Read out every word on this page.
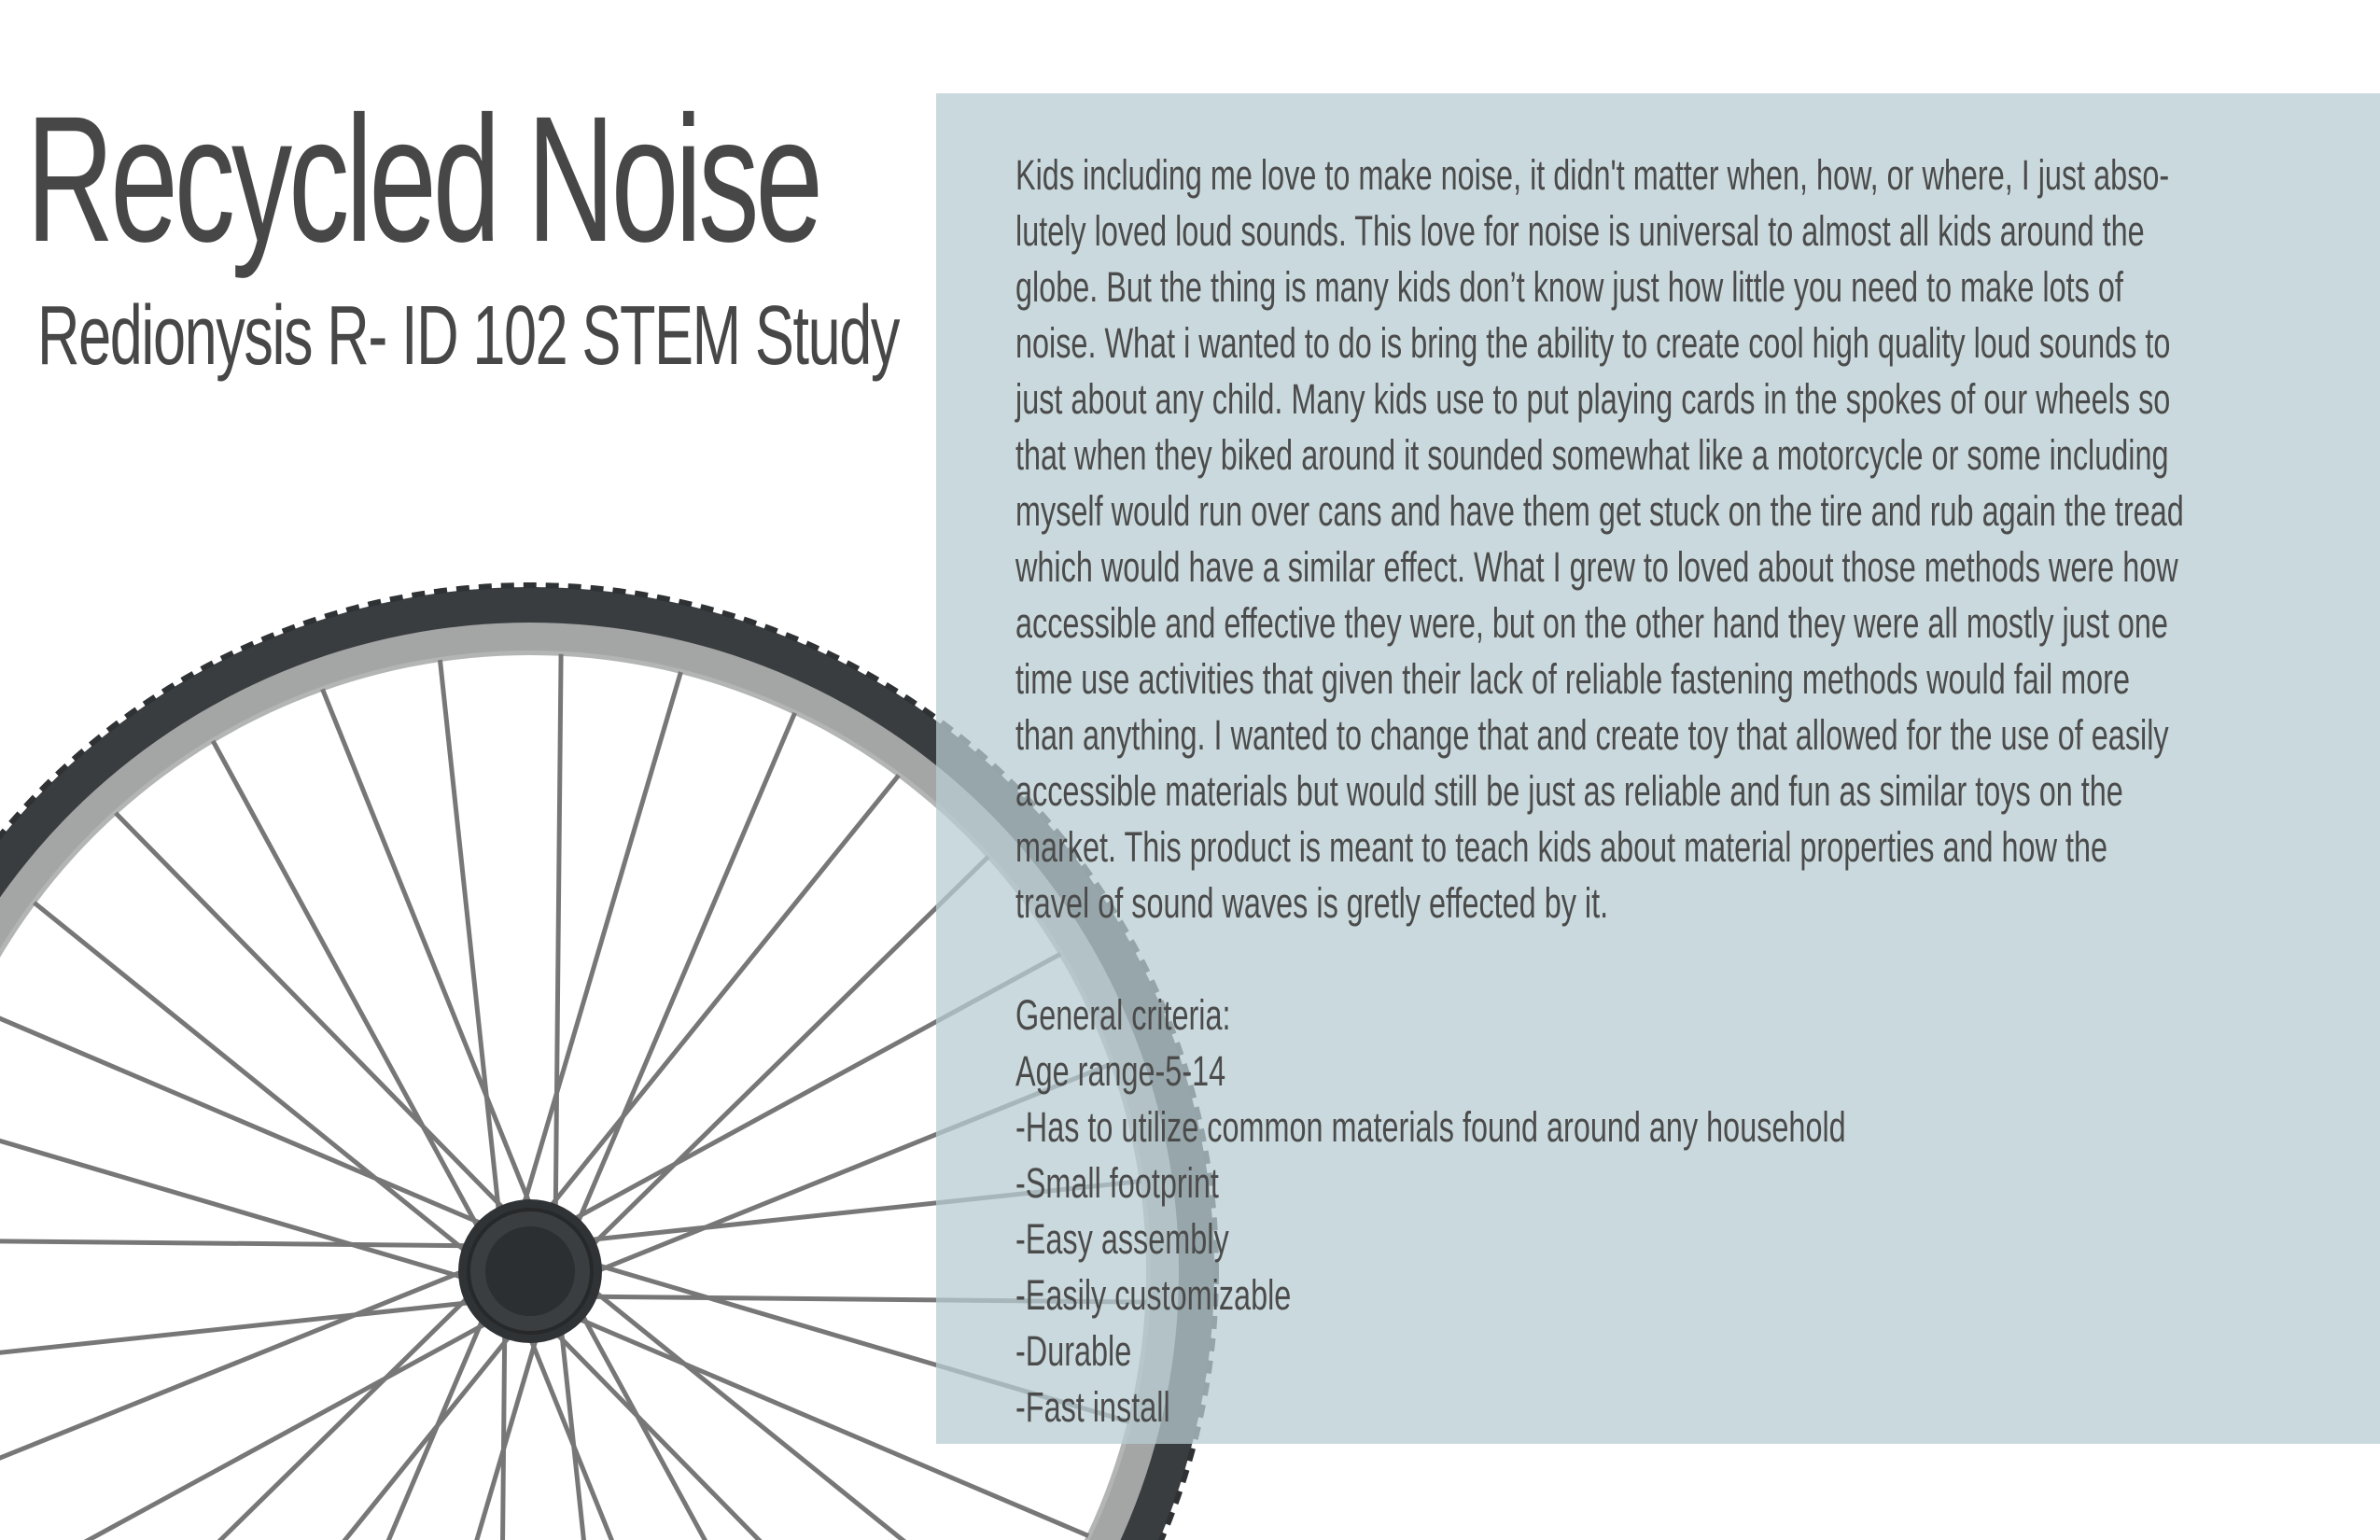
Recycled Noise
Redionysis R- ID 102 STEM Study
Kids including me love to make noise, it didn't matter when, how, or where, I just abso-
lutely loved loud sounds. This love for noise is universal to almost all kids around the
globe. But the thing is many kids don’t know just how little you need to make lots of
noise. What i wanted to do is bring the ability to create cool high quality loud sounds to
just about any child. Many kids use to put playing cards in the spokes of our wheels so
that when they biked around it sounded somewhat like a motorcycle or some including
myself would run over cans and have them get stuck on the tire and rub again the tread
which would have a similar effect. What I grew to loved about those methods were how
accessible and effective they were, but on the other hand they were all mostly just one
time use activities that given their lack of reliable fastening methods would fail more
than anything. I wanted to change that and create toy that allowed for the use of easily
accessible materials but would still be just as reliable and fun as similar toys on the
market. This product is meant to teach kids about material properties and how the
travel of sound waves is gretly effected by it.
General criteria:
Age range-5-14
-Has to utilize common materials found around any household
-Small footprint
-Easy assembly
-Easily customizable
-Durable
-Fast install
